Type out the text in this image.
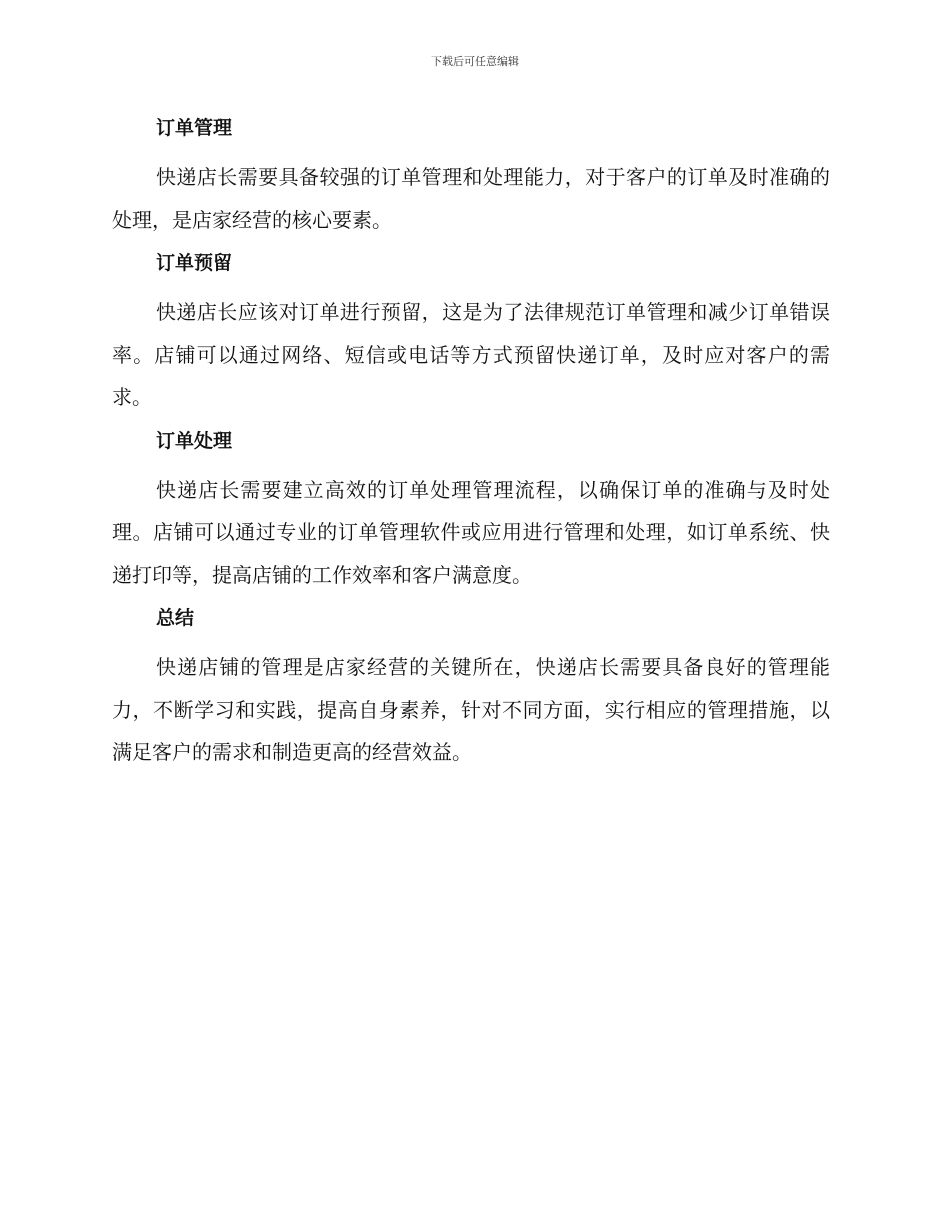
下载后可任意编辑
订单管理

快递店长需要具备较强的订单管理和处理能力，对于客户的订单及时准确的处理，是店家经营的核心要素。

订单预留

快递店长应该对订单进行预留，这是为了法律规范订单管理和减少订单错误率。店铺可以通过网络、短信或电话等方式预留快递订单，及时应对客户的需求。

订单处理

快递店长需要建立高效的订单处理管理流程，以确保订单的准确与及时处理。店铺可以通过专业的订单管理软件或应用进行管理和处理，如订单系统、快递打印等，提高店铺的工作效率和客户满意度。

总结

快递店铺的管理是店家经营的关键所在，快递店长需要具备良好的管理能力，不断学习和实践，提高自身素养，针对不同方面，实行相应的管理措施，以满足客户的需求和制造更高的经营效益。
